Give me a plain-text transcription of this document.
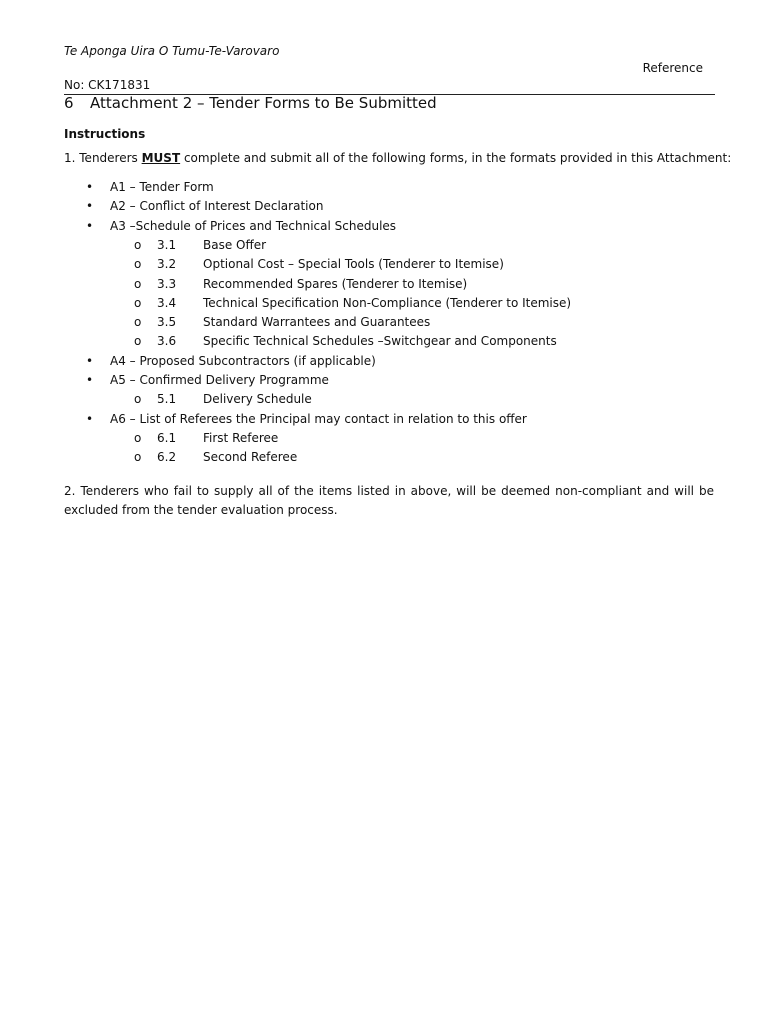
Te Aponga Uira O Tumu-Te-Varovaro
Reference
No: CK171831
6 Attachment 2 – Tender Forms to Be Submitted
Instructions
1. Tenderers MUST complete and submit all of the following forms, in the formats provided in this Attachment:
• A1 – Tender Form
• A2 – Conflict of Interest Declaration
• A3 –Schedule of Prices and Technical Schedules
o 3.1 Base Offer
o 3.2 Optional Cost – Special Tools (Tenderer to Itemise)
o 3.3 Recommended Spares (Tenderer to Itemise)
o 3.4 Technical Specification Non-Compliance (Tenderer to Itemise)
o 3.5 Standard Warrantees and Guarantees
o 3.6 Specific Technical Schedules –Switchgear and Components
• A4 – Proposed Subcontractors (if applicable)
• A5 – Confirmed Delivery Programme
o 5.1 Delivery Schedule
• A6 – List of Referees the Principal may contact in relation to this offer
o 6.1 First Referee
o 6.2 Second Referee
2. Tenderers who fail to supply all of the items listed in above, will be deemed non-compliant and will be excluded from the tender evaluation process.
